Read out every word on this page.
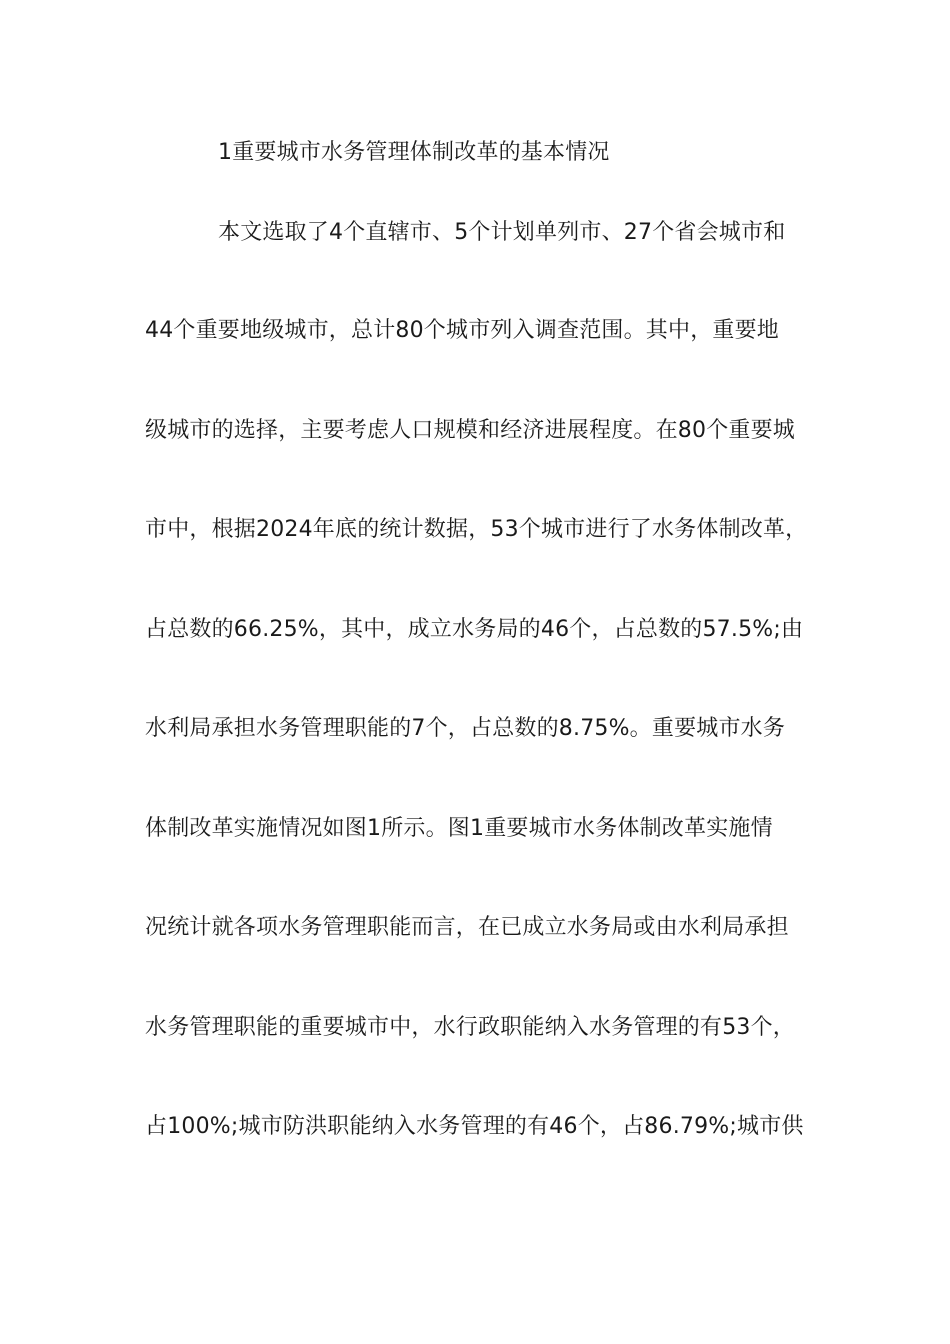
1重要城市水务管理体制改革的基本情况
本文选取了4个直辖市、5个计划单列市、27个省会城市和
44个重要地级城市，总计80个城市列入调查范围。其中，重要地
级城市的选择，主要考虑人口规模和经济进展程度。在80个重要城
市中，根据2024年底的统计数据，53个城市进行了水务体制改革，
占总数的66.25%，其中，成立水务局的46个，占总数的57.5%;由
水利局承担水务管理职能的7个，占总数的8.75%。重要城市水务
体制改革实施情况如图1所示。图1重要城市水务体制改革实施情
况统计就各项水务管理职能而言，在已成立水务局或由水利局承担
水务管理职能的重要城市中，水行政职能纳入水务管理的有53个，
占100%;城市防洪职能纳入水务管理的有46个，占86.79%;城市供
